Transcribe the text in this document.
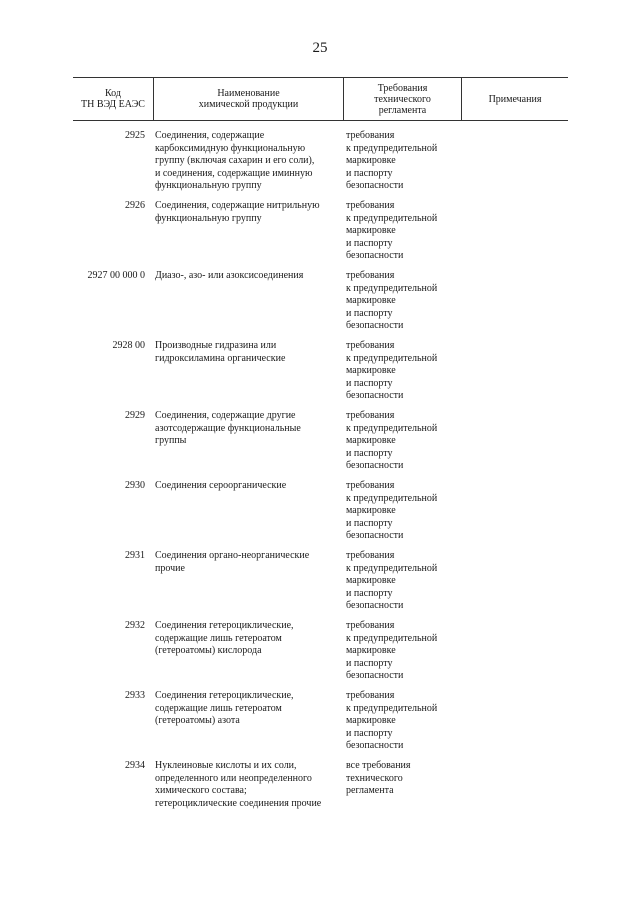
25
Код
ТН ВЭД ЕАЭС
Наименование
химической продукции
Требования
технического
регламента
Примечания
2925 Соединения, содержащие
карбоксимидную функциональную
группу (включая сахарин и его соли),
и соединения, содержащие иминную
функциональную группу
требования
к предупредительной
маркировке
и паспорту
безопасности
2926 Соединения, содержащие нитрильную
функциональную группу
требования
к предупредительной
маркировке
и паспорту
безопасности
2927 00 000 0 Диазо-, азо- или азоксисоединения	требования
к предупредительной
маркировке
и паспорту
безопасности
2928 00 Производные гидразина или
гидроксиламина органические
требования
к предупредительной
маркировке
и паспорту
безопасности
2929 Соединения, содержащие другие
азотсодержащие функциональные
группы
требования
к предупредительной
маркировке
и паспорту
безопасности
2930 Соединения сероорганические	требования
к предупредительной
маркировке
и паспорту
безопасности
2931 Соединения органо-неорганические
прочие
требования
к предупредительной
маркировке
и паспорту
безопасности
2932 Соединения гетероциклические,
содержащие лишь гетероатом
(гетероатомы) кислорода
требования
к предупредительной
маркировке
и паспорту
безопасности
2933 Соединения гетероциклические,
содержащие лишь гетероатом
(гетероатомы) азота
требования
к предупредительной
маркировке
и паспорту
безопасности
2934 Нуклеиновые кислоты и их соли,
определенного или неопределенного
химического состава;
гетероциклические соединения прочие
все требования
технического
регламента
